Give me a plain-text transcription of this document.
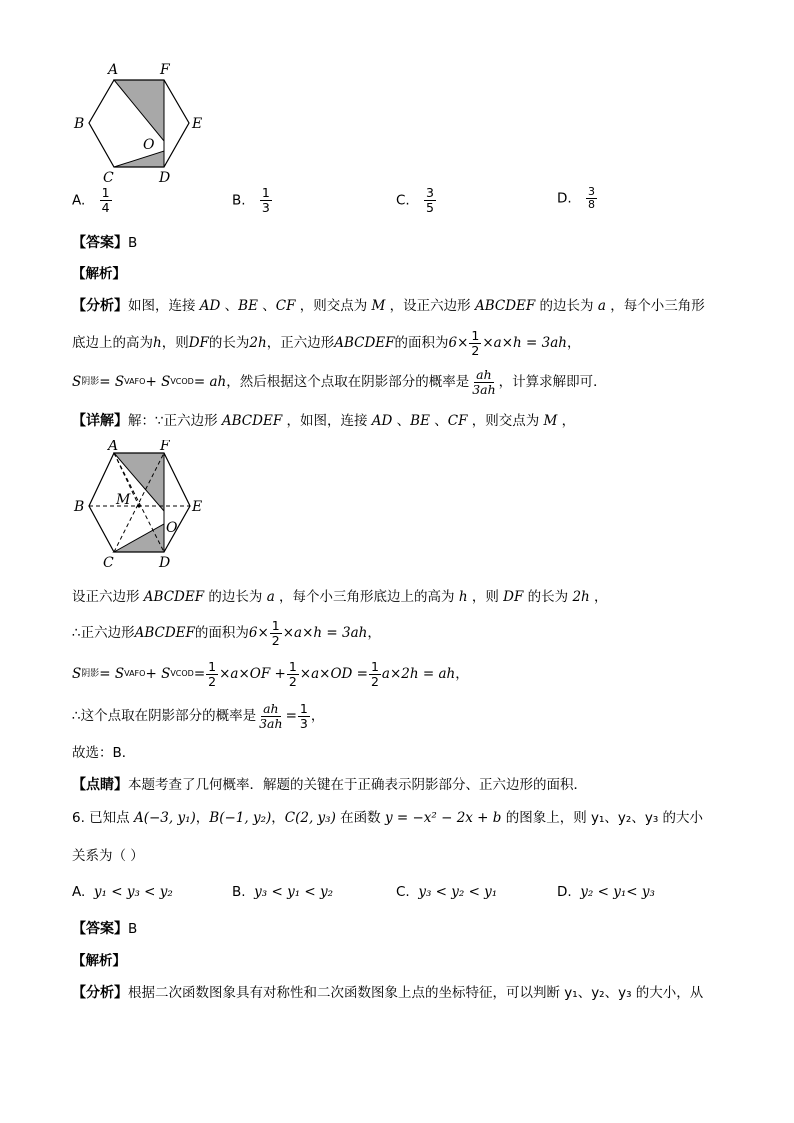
A	F
B	E
C	D
O
A. $\frac{1}{4}$	B. $\frac{1}{3}$	C. $\frac{3}{5}$	D. $\frac{3}{8}$
【答案】B
【解析】
【分析】如图，连接 AD 、BE 、CF ，则交点为 M ，设正六边形 ABCDEF 的边长为 a ，每个小三角形
底边上的高为 h ，则 DF 的长为 2h ，正六边形 ABCDEF 的面积为 $6\times \frac{1}{2} \times a\times h = 3ah$ ，
S 阴影 = S VAFO + S VCOD = ah ，然后根据这个点取在阴影部分的概率是 $\frac{ah}{3ah}$ ，计算求解即可．
【详解】解：∵正六边形 ABCDEF ，如图，连接 AD 、BE 、CF ，则交点为 M ，
A	F
B	E
C	D
O
M
设正六边形 ABCDEF 的边长为 a ，每个小三角形底边上的高为 h ，则 DF 的长为 2h ，
∴正六边形 ABCDEF 的面积为 $6\times \frac{1}{2} \times a\times h = 3ah$ ，
S 阴影 = S VAFO + S VCOD = $\frac{1}{2} \times a\times OF + \frac{1}{2} \times a\times OD = \frac{1}{2} a\times 2h$ = ah ，
∴这个点取在阴影部分的概率是 $\frac{ah}{3ah} = \frac{1}{3}$ ，
故选：B．
【点睛】本题考查了几何概率．解题的关键在于正确表示阴影部分、正六边形的面积．
6. 已知点 A(−3, y₁)，B(−1, y₂)，C(2, y₃) 在函数 y = −x² − 2x + b 的图象上，则 y₁、y₂、y₃ 的大小
关系为（ ）
A. y₁ < y₃ < y₂	B. y₃ < y₁ < y₂	C. y₃ < y₂ < y₁	D. y₂ < y₁< y₃
【答案】B
【解析】
【分析】根据二次函数图象具有对称性和二次函数图象上点的坐标特征，可以判断 y₁、y₂、y₃ 的大小，从
